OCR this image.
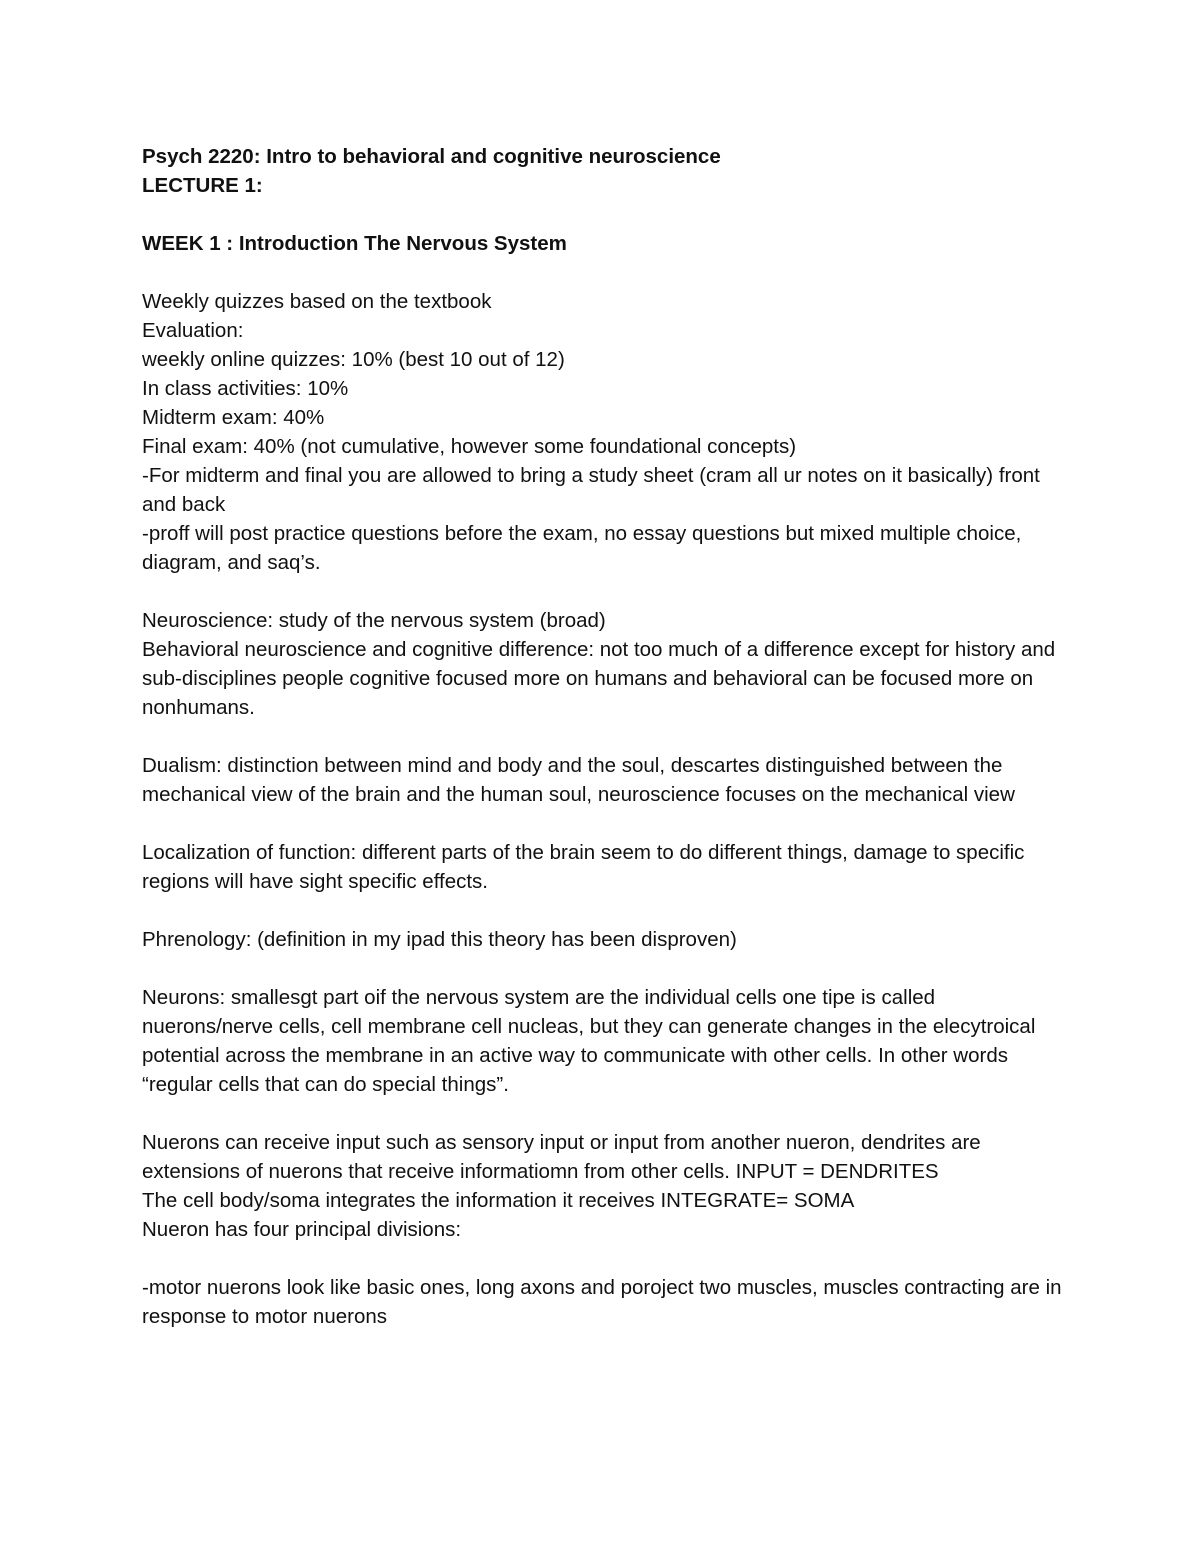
Psych 2220: Intro to behavioral and cognitive neuroscience

LECTURE 1:

WEEK 1 : Introduction The Nervous System

Weekly quizzes based on the textbook

Evaluation:

weekly online quizzes: 10% (best 10 out of 12)

In class activities: 10%

Midterm exam: 40%

Final exam: 40% (not cumulative, however some foundational concepts)

-For midterm and final you are allowed to bring a study sheet (cram all ur notes on it basically) front and back

-proff will post practice questions before the exam, no essay questions but mixed multiple choice, diagram, and saq’s.

Neuroscience: study of the nervous system (broad)

Behavioral neuroscience and cognitive difference: not too much of a difference except for history and sub-disciplines people cognitive focused more on humans and behavioral can be focused more on nonhumans.

Dualism: distinction between mind and body and the soul, descartes distinguished between the mechanical view of the brain and the human soul, neuroscience focuses on the mechanical view

Localization of function: different parts of the brain seem to do different things, damage to specific regions will have sight specific effects.

Phrenology: (definition in my ipad this theory has been disproven)

Neurons: smallesgt part oif the nervous system are the individual cells one tipe is called nuerons/nerve cells, cell membrane cell nucleas, but they can generate changes in the elecytroical potential across the membrane in an active way to communicate with other cells. In other words “regular cells that can do special things”.

Nuerons can receive input such as sensory input or input from another nueron, dendrites are extensions of nuerons that receive informatiomn from other cells. INPUT = DENDRITES

The cell body/soma integrates the information it receives INTEGRATE= SOMA

Nueron has four principal divisions:

-motor nuerons look like basic ones, long axons and poroject two muscles, muscles contracting are in response to motor nuerons
